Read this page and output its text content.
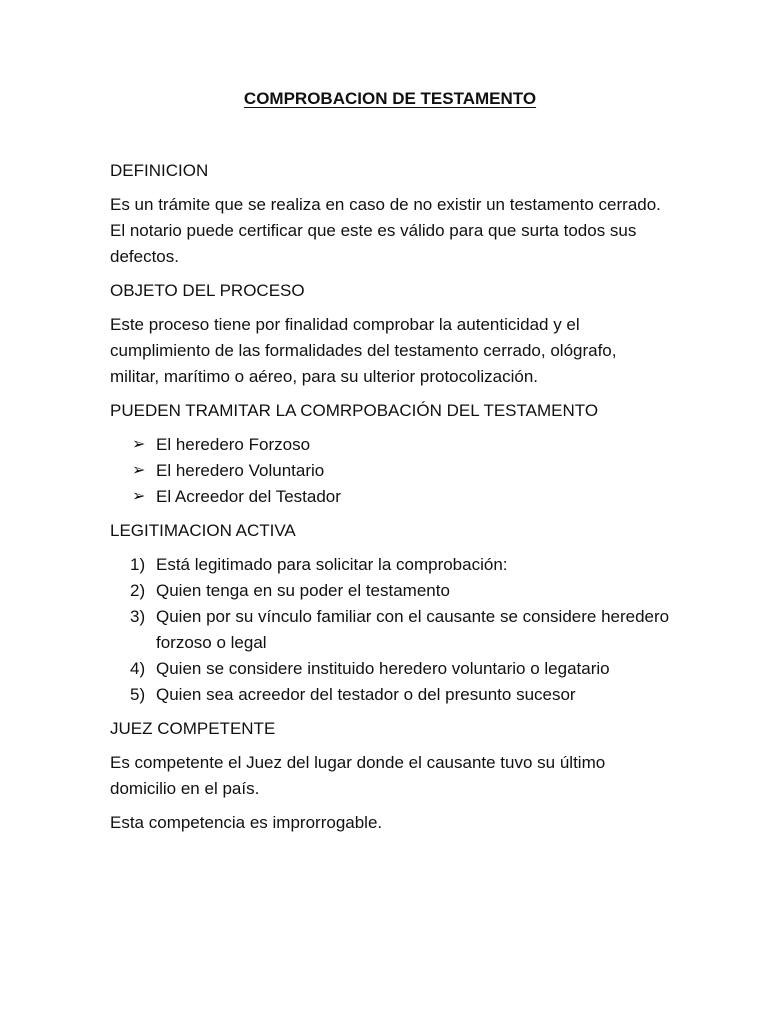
COMPROBACION DE TESTAMENTO
DEFINICION
Es un trámite que se realiza en caso de no existir un testamento cerrado. El notario puede certificar que este es válido para que surta todos sus defectos.
OBJETO DEL PROCESO
Este proceso tiene por finalidad comprobar la autenticidad y el cumplimiento de las formalidades del testamento cerrado, ológrafo, militar, marítimo o aéreo, para su ulterior protocolización.
PUEDEN TRAMITAR LA COMRPOBACIÓN DEL TESTAMENTO
➢ El heredero Forzoso
➢ El heredero Voluntario
➢ El Acreedor del Testador
LEGITIMACION ACTIVA
1) Está legitimado para solicitar la comprobación:
2) Quien tenga en su poder el testamento
3) Quien por su vínculo familiar con el causante se considere heredero forzoso o legal
4) Quien se considere instituido heredero voluntario o legatario
5) Quien sea acreedor del testador o del presunto sucesor
JUEZ COMPETENTE
Es competente el Juez del lugar donde el causante tuvo su último domicilio en el país.
Esta competencia es improrrogable.
